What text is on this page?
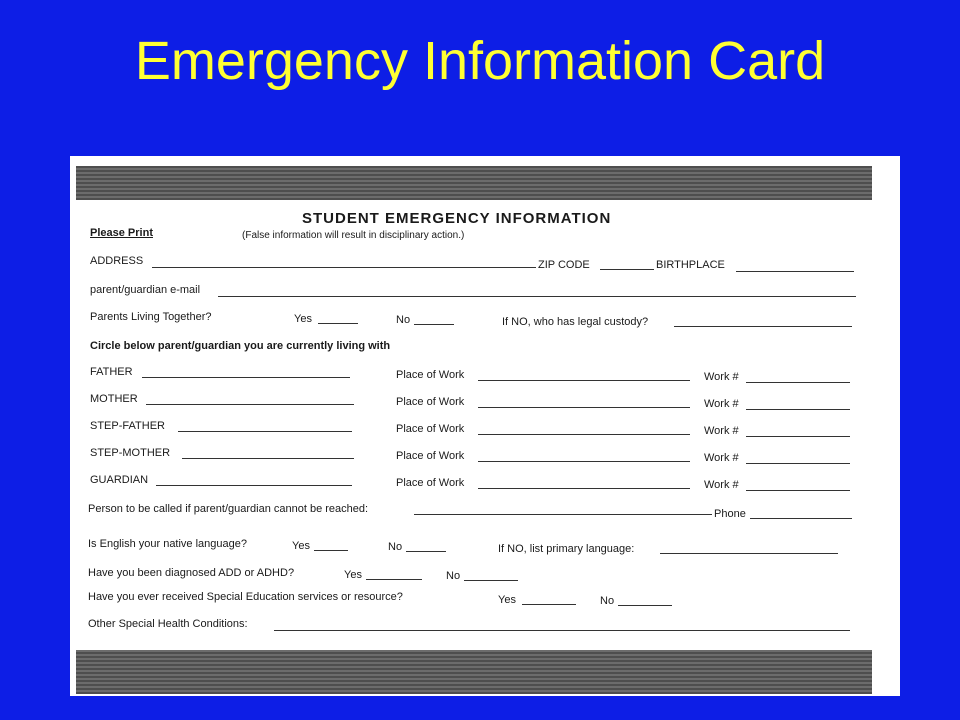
Emergency Information Card
STUDENT EMERGENCY INFORMATION
Please Print	(False information will result in disciplinary action.)
ADDRESS	ZIP CODE	BIRTHPLACE
parent/guardian e-mail
Parents Living Together?	Yes	No	If NO, who has legal custody?
Circle below parent/guardian you are currently living with
FATHER	Place of Work	Work #
MOTHER	Place of Work	Work #
STEP-FATHER	Place of Work	Work #
STEP-MOTHER	Place of Work	Work #
GUARDIAN	Place of Work	Work #
Person to be called if parent/guardian cannot be reached:	Phone
Is English your native language?	Yes	No	If NO, list primary language:
Have you been diagnosed ADD or ADHD?	Yes	No
Have you ever received Special Education services or resource?	Yes	No
Other Special Health Conditions:
